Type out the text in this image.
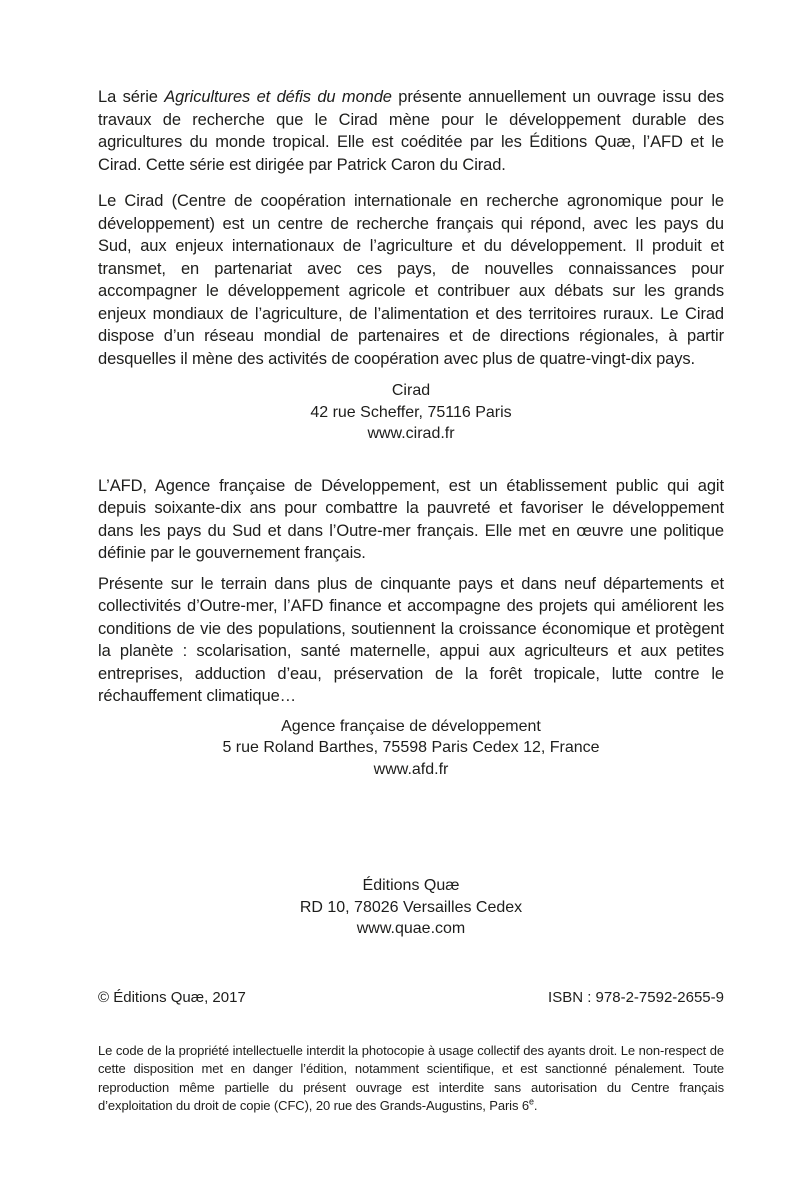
La série Agricultures et défis du monde présente annuellement un ouvrage issu des travaux de recherche que le Cirad mène pour le développement durable des agricultures du monde tropical. Elle est coéditée par les Éditions Quæ, l’AFD et le Cirad. Cette série est dirigée par Patrick Caron du Cirad.

Le Cirad (Centre de coopération internationale en recherche agronomique pour le développement) est un centre de recherche français qui répond, avec les pays du Sud, aux enjeux internationaux de l’agriculture et du développement. Il produit et transmet, en partenariat avec ces pays, de nouvelles connaissances pour accompagner le développement agricole et contribuer aux débats sur les grands enjeux mondiaux de l’agriculture, de l’alimentation et des territoires ruraux. Le Cirad dispose d’un réseau mondial de partenaires et de directions régionales, à partir desquelles il mène des activités de coopération avec plus de quatre-vingt-dix pays.

Cirad
42 rue Scheffer, 75116 Paris
www.cirad.fr

L’AFD, Agence française de Développement, est un établissement public qui agit depuis soixante-dix ans pour combattre la pauvreté et favoriser le développement dans les pays du Sud et dans l’Outre-mer français. Elle met en œuvre une politique définie par le gouvernement français.

Présente sur le terrain dans plus de cinquante pays et dans neuf départements et collectivités d’Outre-mer, l’AFD finance et accompagne des projets qui améliorent les conditions de vie des populations, soutiennent la croissance économique et protègent la planète : scolarisation, santé maternelle, appui aux agriculteurs et aux petites entreprises, adduction d’eau, préservation de la forêt tropicale, lutte contre le réchauffement climatique…

Agence française de développement
5 rue Roland Barthes, 75598 Paris Cedex 12, France
www.afd.fr
Éditions Quæ
RD 10, 78026 Versailles Cedex
www.quae.com
© Éditions Quæ, 2017	ISBN : 978-2-7592-2655-9

Le code de la propriété intellectuelle interdit la photocopie à usage collectif des ayants droit. Le non-respect de cette disposition met en danger l’édition, notamment scientifique, et est sanctionné pénalement. Toute reproduction même partielle du présent ouvrage est interdite sans autorisation du Centre français d’exploitation du droit de copie (CFC), 20 rue des Grands-Augustins, Paris 6e.
